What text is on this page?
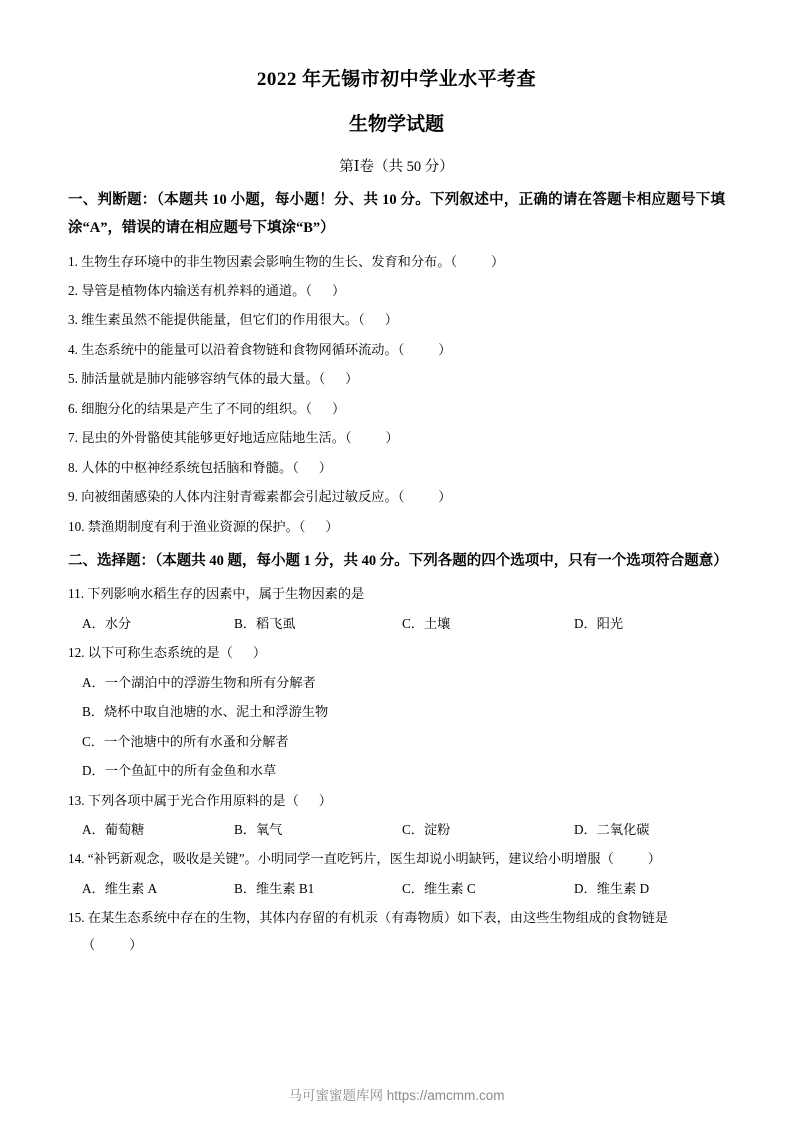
2022 年无锡市初中学业水平考查
生物学试题
第Ⅰ卷（共 50 分）
一、判断题：（本题共 10 小题，每小题！分、共 10 分。下列叙述中，正确的请在答题卡相应题号下填涂“A”，错误的请在相应题号下填涂“B”）
1. 生物生存环境中的非生物因素会影响生物的生长、发育和分布。（	）
2. 导管是植物体内输送有机养料的通道。（ ）
3. 维生素虽然不能提供能量，但它们的作用很大。（ ）
4. 生态系统中的能量可以沿着食物链和食物网循环流动。（	）
5. 肺活量就是肺内能够容纳气体的最大量。（ ）
6. 细胞分化的结果是产生了不同的组织。（ ）
7. 昆虫的外骨骼使其能够更好地适应陆地生活。（	）
8. 人体的中枢神经系统包括脑和脊髓。（ ）
9. 向被细菌感染的人体内注射青霉素都会引起过敏反应。（	）
10. 禁渔期制度有利于渔业资源的保护。（ ）
二、选择题：（本题共 40 题，每小题 1 分，共 40 分。下列各题的四个选项中，只有一个选项符合题意）
11. 下列影响水稻生存的因素中，属于生物因素的是
A．水分	B．稻飞虱	C．土壤	D．阳光
12. 以下可称生态系统的是（ ）
A．一个湖泊中的浮游生物和所有分解者
B．烧杯中取自池塘的水、泥土和浮游生物
C．一个池塘中的所有水蚤和分解者
D．一个鱼缸中的所有金鱼和水草
13. 下列各项中属于光合作用原料的是（ ）
A．葡萄糖	B．氧气	C．淀粉	D．二氧化碳
14. “补钙新观念，吸收是关键”。小明同学一直吃钙片，医生却说小明缺钙，建议给小明增服（	）
A．维生素 A	B．维生素 B1	C．维生素 C	D．维生素 D
15. 在某生态系统中存在的生物，其体内存留的有机汞（有毒物质）如下表，由这些生物组成的食物链是
（	）
马可蜜蜜题库网 https://amcmm.com
